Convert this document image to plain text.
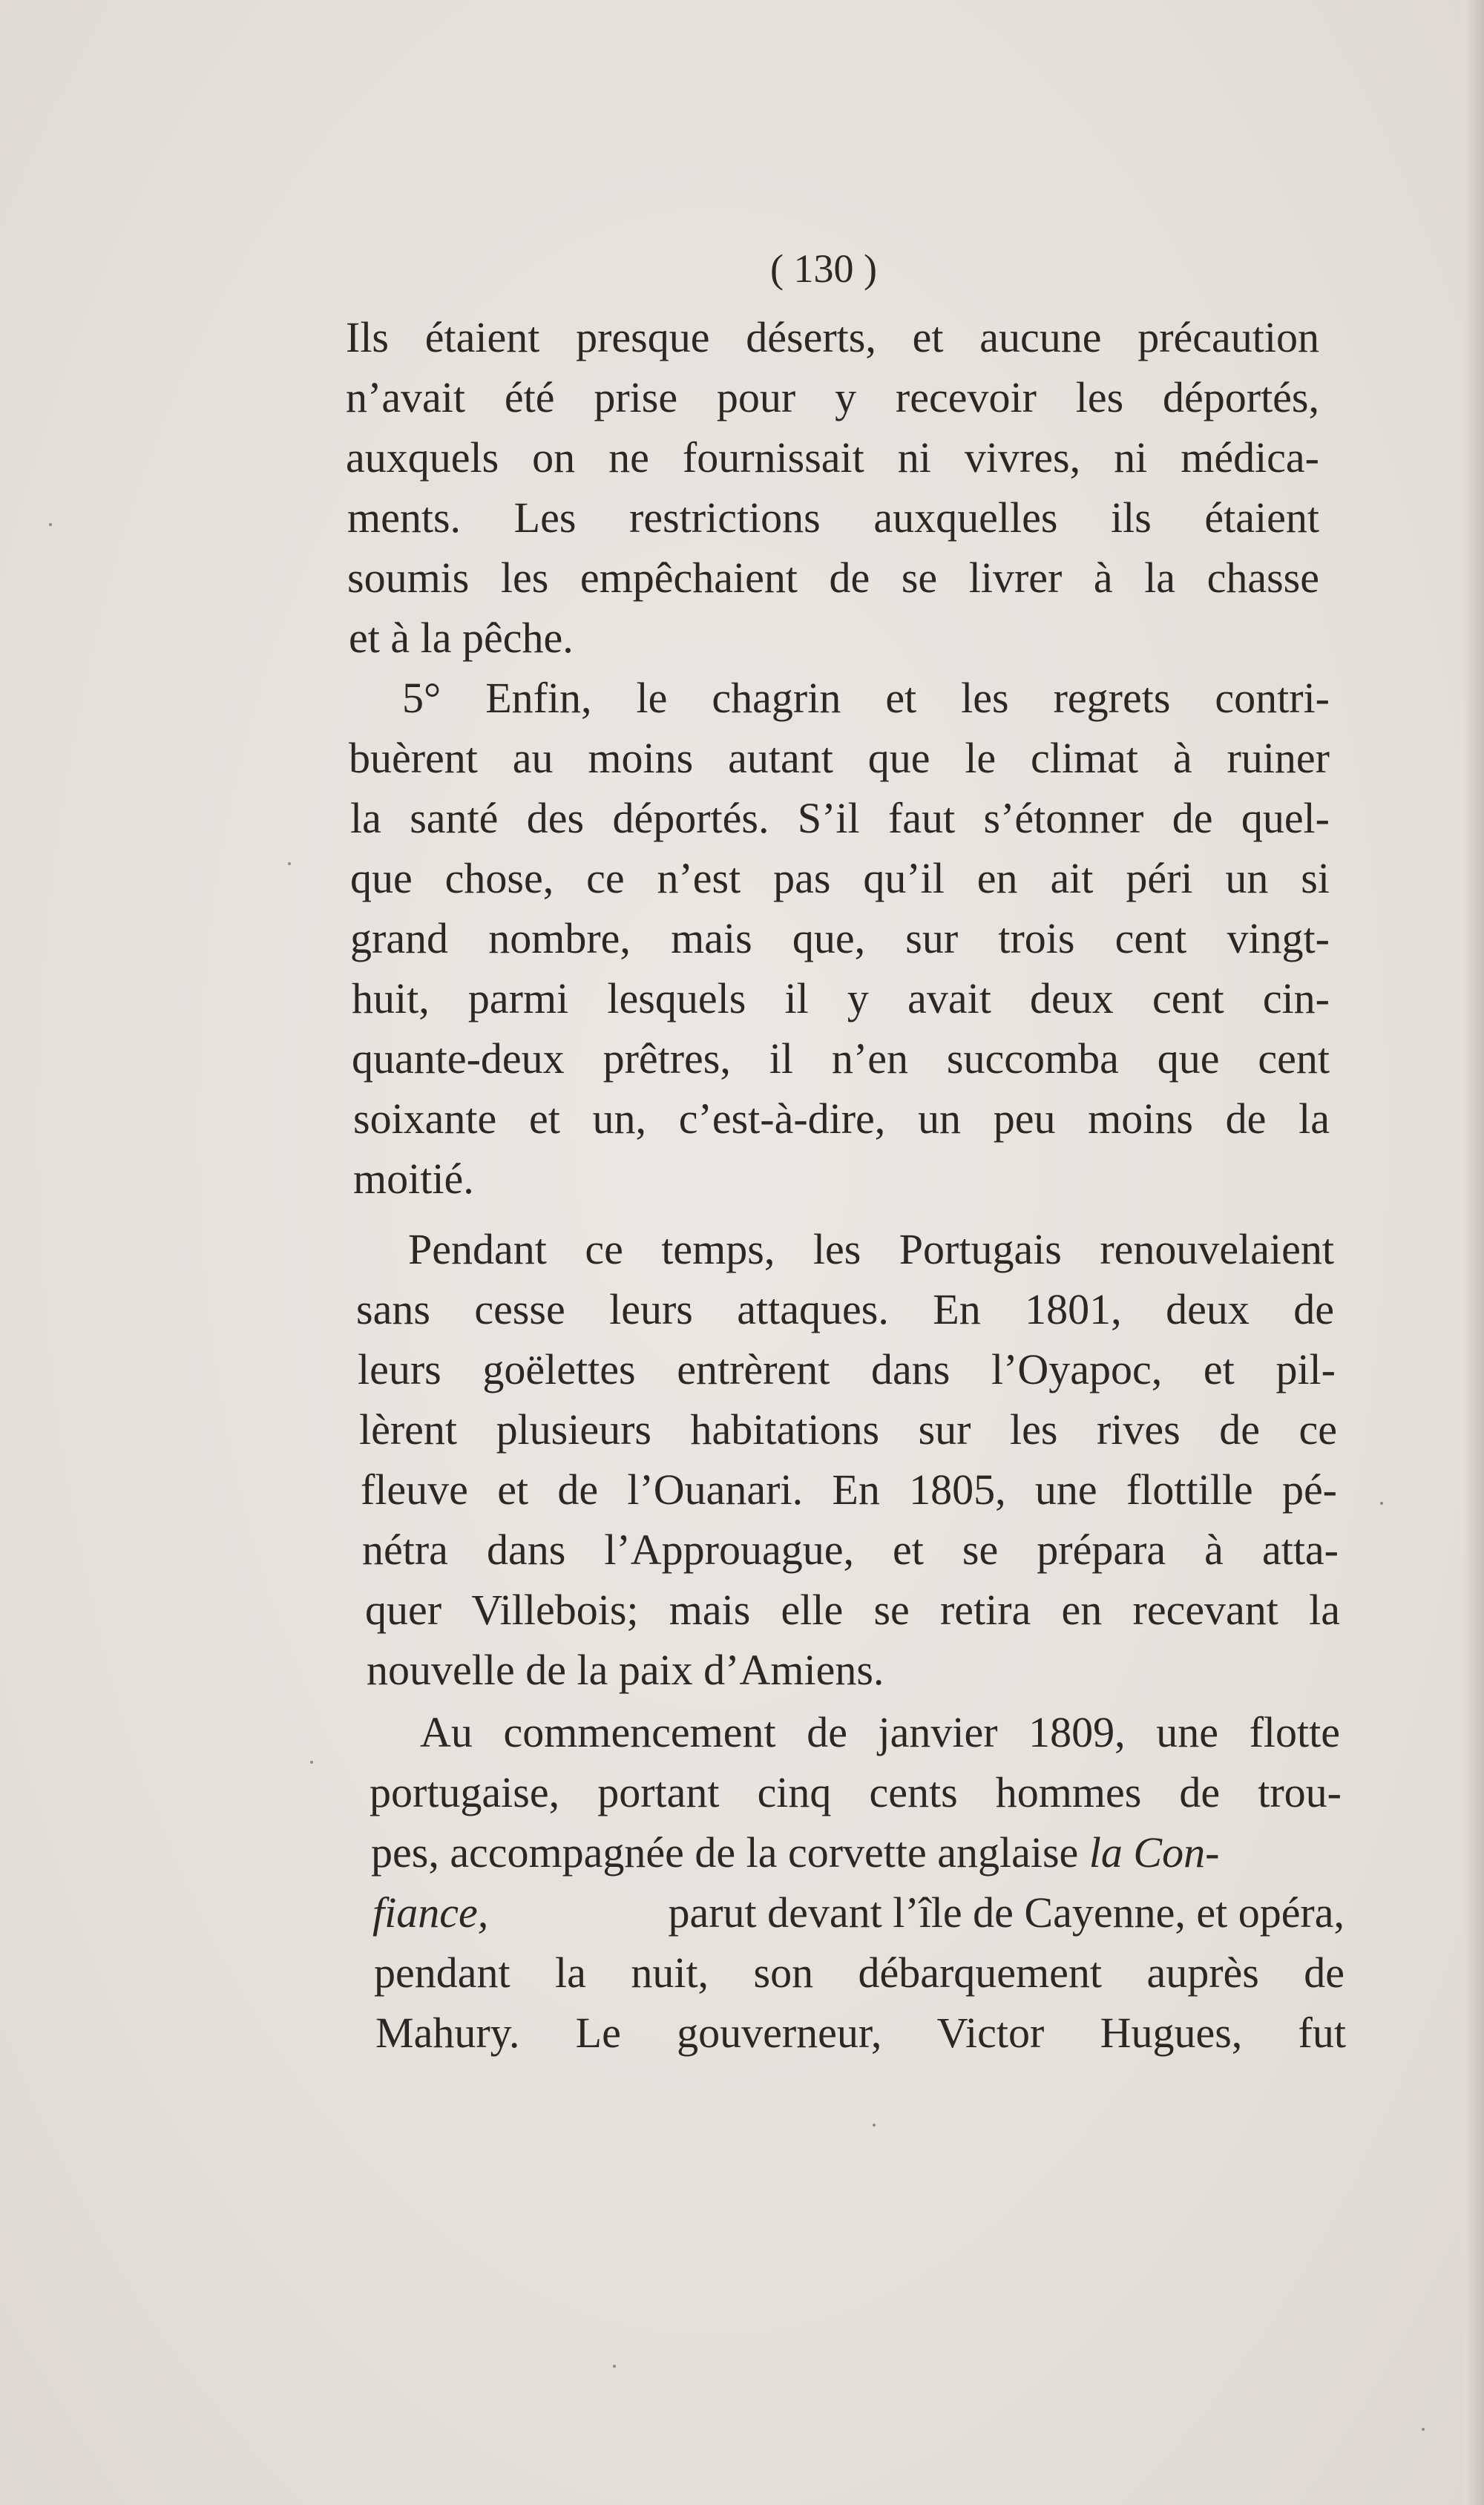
( 130 )
Ils étaient presque déserts, et aucune précaution
n’avait été prise pour y recevoir les déportés,
auxquels on ne fournissait ni vivres, ni médica-
ments. Les restrictions auxquelles ils étaient
soumis les empêchaient de se livrer à la chasse
et à la pêche.
5° Enfin, le chagrin et les regrets contri-
buèrent au moins autant que le climat à ruiner
la santé des déportés. S’il faut s’étonner de quel-
que chose, ce n’est pas qu’il en ait péri un si
grand nombre, mais que, sur trois cent vingt-
huit, parmi lesquels il y avait deux cent cin-
quante-deux prêtres, il n’en succomba que cent
soixante et un, c’est-à-dire, un peu moins de la
moitié.
Pendant ce temps, les Portugais renouvelaient
sans cesse leurs attaques. En 1801, deux de
leurs goëlettes entrèrent dans l’Oyapoc, et pil-
lèrent plusieurs habitations sur les rives de ce
fleuve et de l’Ouanari. En 1805, une flottille pé-
nétra dans l’Approuague, et se prépara à atta-
quer Villebois; mais elle se retira en recevant la
nouvelle de la paix d’Amiens.
Au commencement de janvier 1809, une flotte
portugaise, portant cinq cents hommes de trou-
pes, accompagnée de la corvette anglaise la Con-
fiance,	parut devant l’île de Cayenne, et opéra,
pendant la nuit, son débarquement auprès de
Mahury. Le gouverneur, Victor Hugues, fut
